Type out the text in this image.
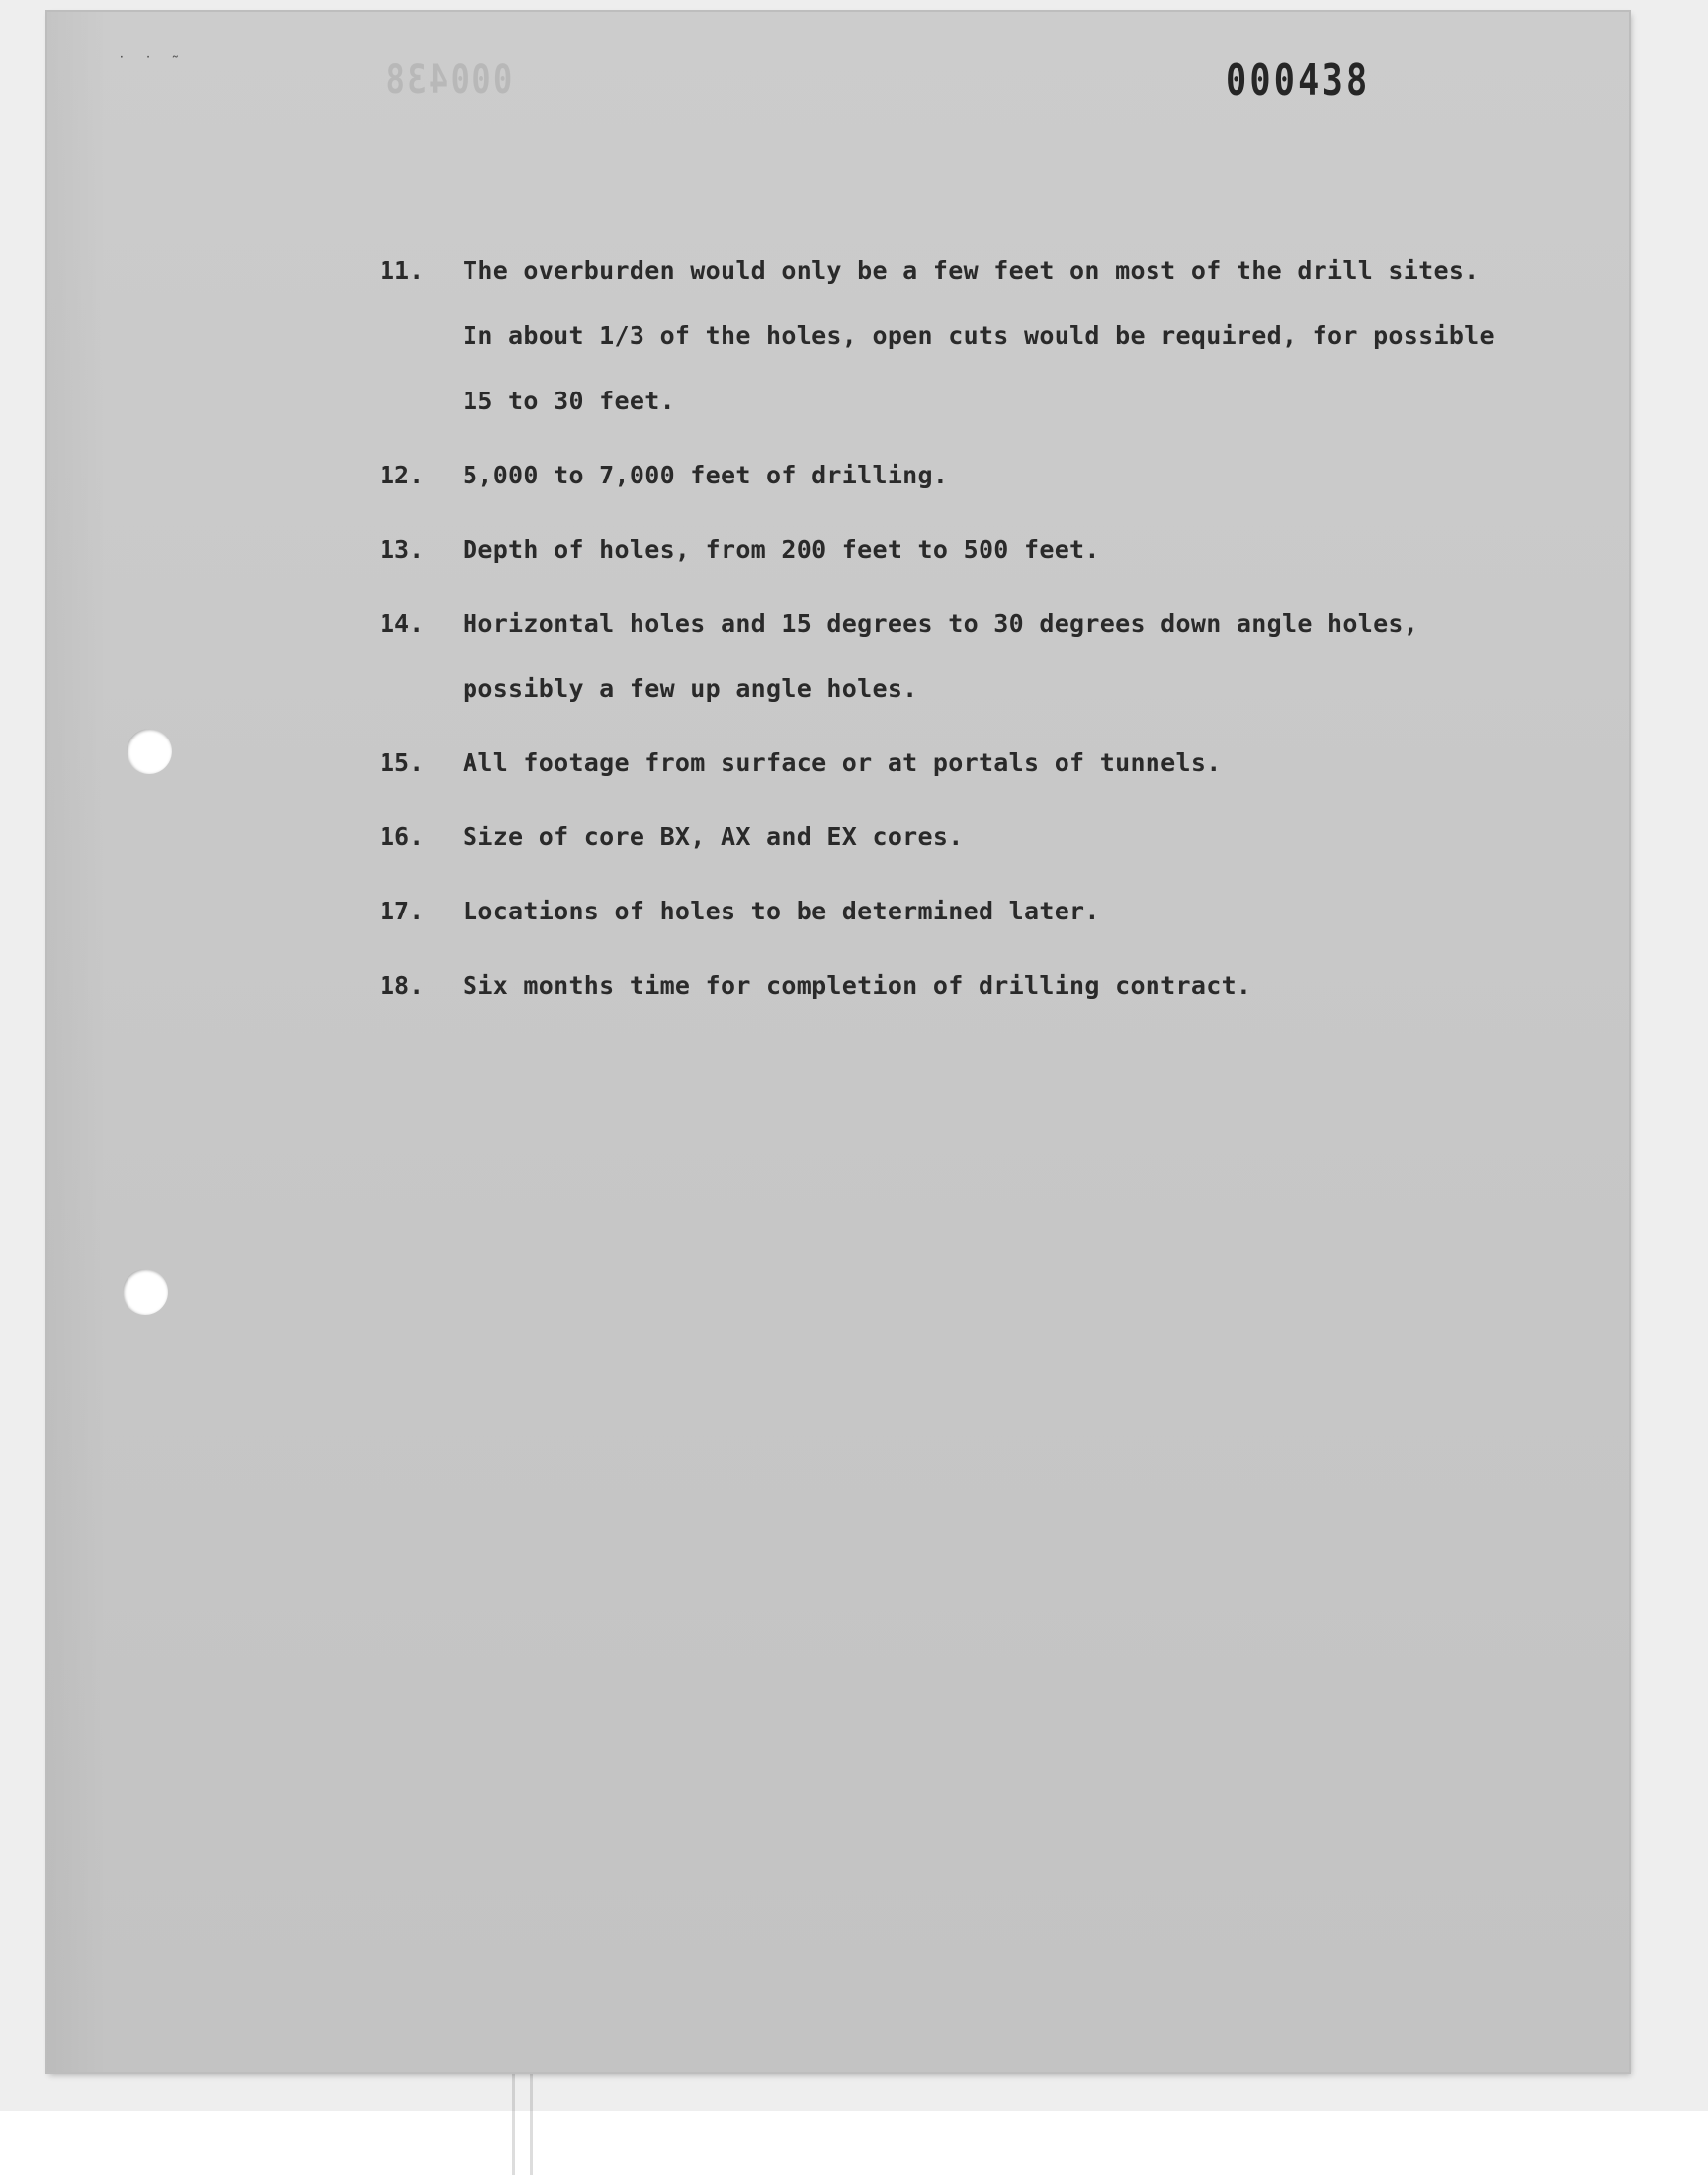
˙ ˙ ˜	000438	000438
11.	The overburden would only be a few feet on most of the drill sites. In about 1/3 of the holes, open cuts would be required, for possible 15 to 30 feet.
12.	5,000 to 7,000 feet of drilling.
13.	Depth of holes, from 200 feet to 500 feet.
14.	Horizontal holes and 15 degrees to 30 degrees down angle holes, possibly a few up angle holes.
15.	All footage from surface or at portals of tunnels.
16.	Size of core BX, AX and EX cores.
17.	Locations of holes to be determined later.
18.	Six months time for completion of drilling contract.
